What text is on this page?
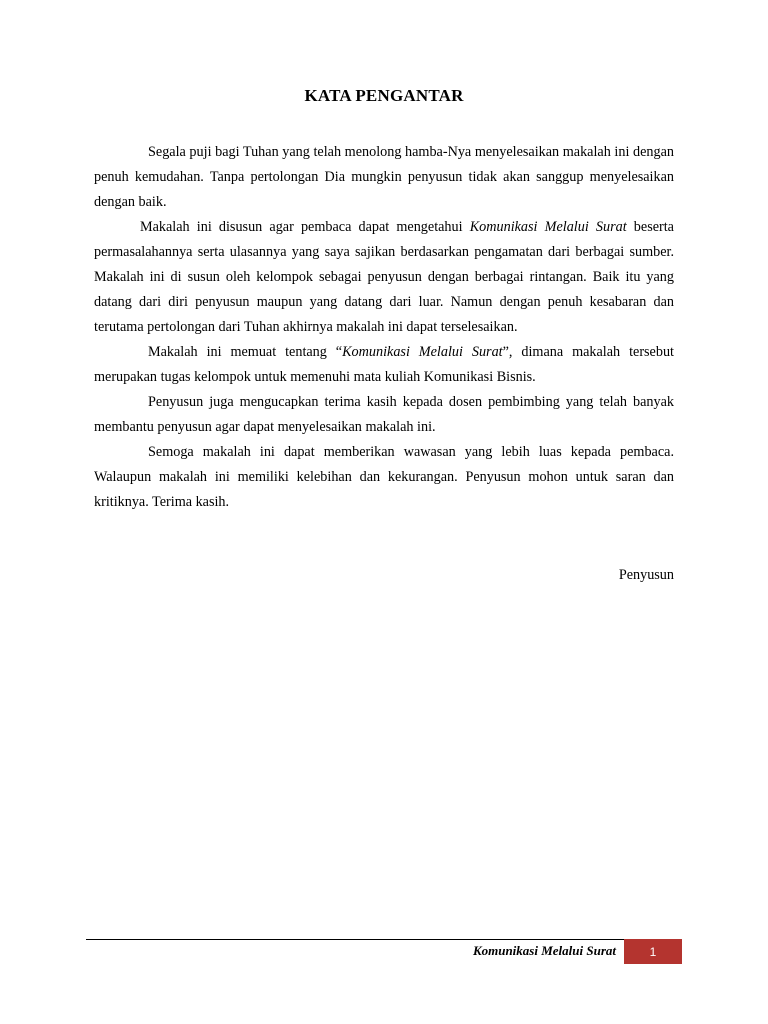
KATA PENGANTAR

Segala puji bagi Tuhan yang telah menolong hamba-Nya menyelesaikan makalah ini dengan penuh kemudahan. Tanpa pertolongan Dia mungkin penyusun tidak akan sanggup menyelesaikan dengan baik.

Makalah ini disusun agar pembaca dapat mengetahui Komunikasi Melalui Surat beserta permasalahannya serta ulasannya yang saya sajikan berdasarkan pengamatan dari berbagai sumber. Makalah ini di susun oleh kelompok sebagai penyusun dengan berbagai rintangan. Baik itu yang datang dari diri penyusun maupun yang datang dari luar. Namun dengan penuh kesabaran dan terutama pertolongan dari Tuhan akhirnya makalah ini dapat terselesaikan.

Makalah ini memuat tentang “Komunikasi Melalui Surat”, dimana makalah tersebut merupakan tugas kelompok untuk memenuhi mata kuliah Komunikasi Bisnis.

Penyusun juga mengucapkan terima kasih kepada dosen pembimbing yang telah banyak membantu penyusun agar dapat menyelesaikan makalah ini.

Semoga makalah ini dapat memberikan wawasan yang lebih luas kepada pembaca. Walaupun makalah ini memiliki kelebihan dan kekurangan. Penyusun mohon untuk saran dan kritiknya. Terima kasih.

Penyusun
Komunikasi Melalui Surat	1
